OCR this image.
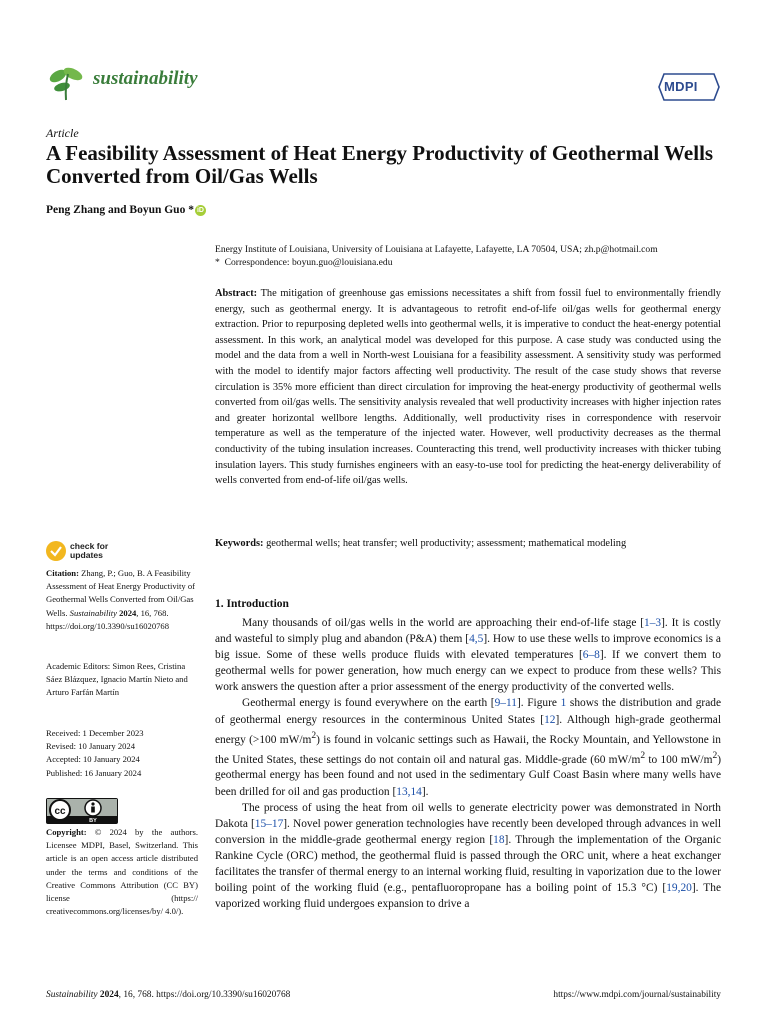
sustainability	MDPI
Article
A Feasibility Assessment of Heat Energy Productivity of Geothermal Wells Converted from Oil/Gas Wells
Peng Zhang and Boyun Guo * iD
Energy Institute of Louisiana, University of Louisiana at Lafayette, Lafayette, LA 70504, USA; zh.p@hotmail.com
*  Correspondence: boyun.guo@louisiana.edu
Abstract: The mitigation of greenhouse gas emissions necessitates a shift from fossil fuel to environmentally friendly energy, such as geothermal energy. It is advantageous to retrofit end-of-life oil/gas wells for geothermal energy extraction. Prior to repurposing depleted wells into geothermal wells, it is imperative to conduct the heat-energy potential assessment. In this work, an analytical model was developed for this purpose. A case study was conducted using the model and the data from a well in North-west Louisiana for a feasibility assessment. A sensitivity study was performed with the model to identify major factors affecting well productivity. The result of the case study shows that reverse circulation is 35% more efficient than direct circulation for improving the heat-energy productivity of geothermal wells converted from oil/gas wells. The sensitivity analysis revealed that well productivity increases with higher injection rates and greater horizontal wellbore lengths. Additionally, well productivity rises in correspondence with reservoir temperature as well as the temperature of the injected water. However, well productivity decreases as the thermal conductivity of the tubing insulation increases. Counteracting this trend, well productivity increases with thicker tubing insulation layers. This study furnishes engineers with an easy-to-use tool for predicting the heat-energy deliverability of wells converted from end-of-life oil/gas wells.
Keywords: geothermal wells; heat transfer; well productivity; assessment; mathematical modeling
check for
updates
Citation: Zhang, P.; Guo, B. A Feasibility Assessment of Heat Energy Productivity of Geothermal Wells Converted from Oil/Gas Wells. Sustainability 2024, 16, 768. https://doi.org/10.3390/su16020768
Academic Editors: Simon Rees, Cristina Sáez Blázquez, Ignacio Martín Nieto and Arturo Farfán Martín
Received: 1 December 2023
Revised: 10 January 2024
Accepted: 10 January 2024
Published: 16 January 2024
cc
BY
Copyright: © 2024 by the authors. Licensee MDPI, Basel, Switzerland. This article is an open access article distributed under the terms and conditions of the Creative Commons Attribution (CC BY) license (https:// creativecommons.org/licenses/by/ 4.0/).
1. Introduction

Many thousands of oil/gas wells in the world are approaching their end-of-life stage [1–3]. It is costly and wasteful to simply plug and abandon (P&A) them [4,5]. How to use these wells to improve economics is a big issue. Some of these wells produce fluids with elevated temperatures [6–8]. If we convert them to geothermal wells for power generation, how much energy can we expect to produce from these wells? This work answers the question after a prior assessment of the energy productivity of the converted wells.

Geothermal energy is found everywhere on the earth [9–11]. Figure 1 shows the distribution and grade of geothermal energy resources in the conterminous United States [12]. Although high-grade geothermal energy (>100 $mW/m^2$) is found in volcanic settings such as Hawaii, the Rocky Mountain, and Yellowstone in the United States, these settings do not contain oil and natural gas. Middle-grade (60 $mW/m^2$ to 100 $mW/m^2$) geothermal energy has been found and not used in the sedimentary Gulf Coast Basin where many wells have been drilled for oil and gas production [13,14].

The process of using the heat from oil wells to generate electricity power was demonstrated in North Dakota [15–17]. Novel power generation technologies have recently been developed through advances in well conversion in the middle-grade geothermal energy region [18]. Through the implementation of the Organic Rankine Cycle (ORC) method, the geothermal fluid is passed through the ORC unit, where a heat exchanger facilitates the transfer of thermal energy to an internal working fluid, resulting in vaporization due to the lower boiling point of the working fluid (e.g., pentafluoropropane has a boiling point of 15.3 °C) [19,20]. The vaporized working fluid undergoes expansion to drive a

Sustainability 2024, 16, 768. https://doi.org/10.3390/su16020768	https://www.mdpi.com/journal/sustainability
